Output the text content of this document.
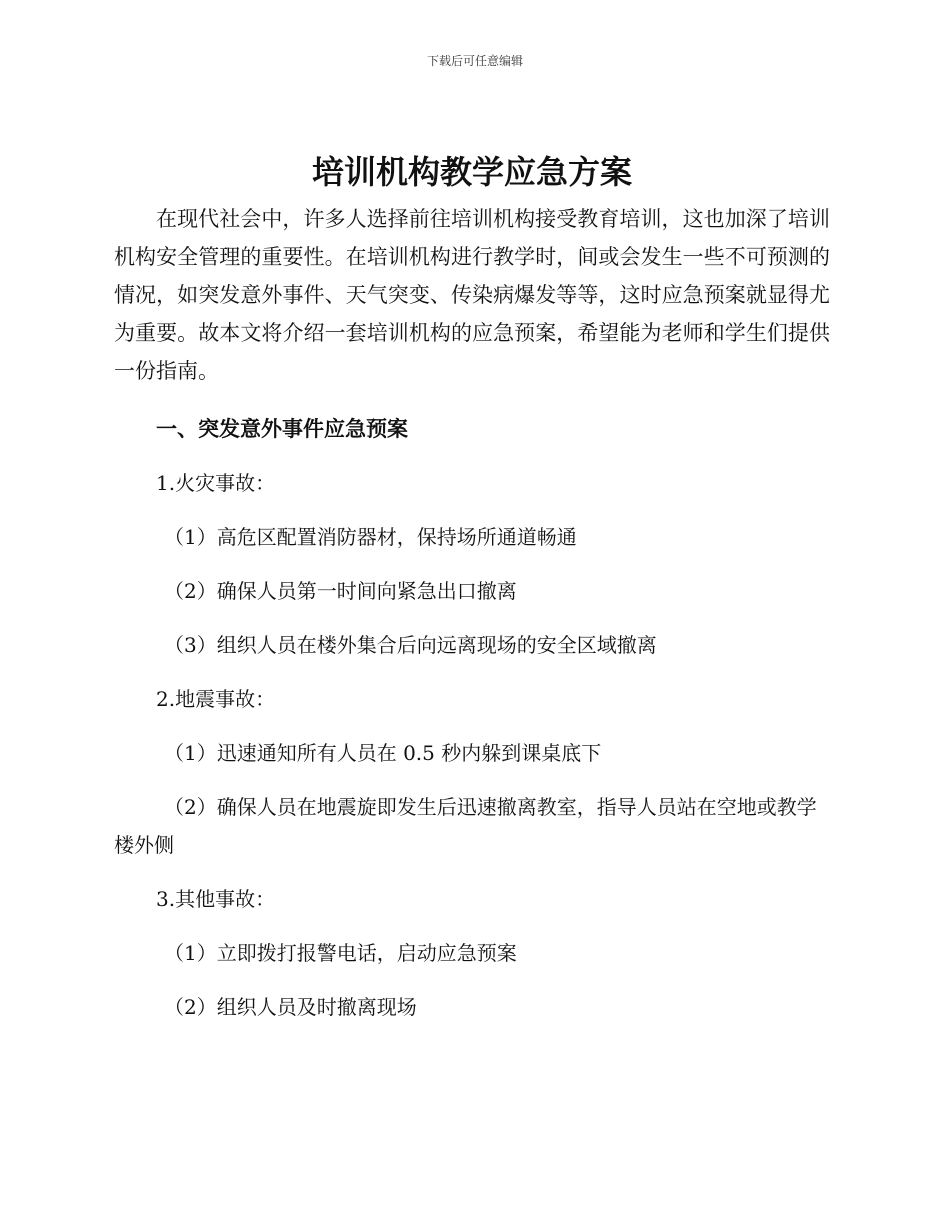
下载后可任意编辑
培训机构教学应急方案

在现代社会中，许多人选择前往培训机构接受教育培训，这也加深了培训机构安全管理的重要性。在培训机构进行教学时，间或会发生一些不可预测的情况，如突发意外事件、天气突变、传染病爆发等等，这时应急预案就显得尤为重要。故本文将介绍一套培训机构的应急预案，希望能为老师和学生们提供一份指南。

一、突发意外事件应急预案
1.火灾事故：
（1）高危区配置消防器材，保持场所通道畅通
（2）确保人员第一时间向紧急出口撤离
（3）组织人员在楼外集合后向远离现场的安全区域撤离
2.地震事故：
（1）迅速通知所有人员在 0.5 秒内躲到课桌底下
（2）确保人员在地震旋即发生后迅速撤离教室，指导人员站在空地或教学楼外侧
3.其他事故：
（1）立即拨打报警电话，启动应急预案
（2）组织人员及时撤离现场
